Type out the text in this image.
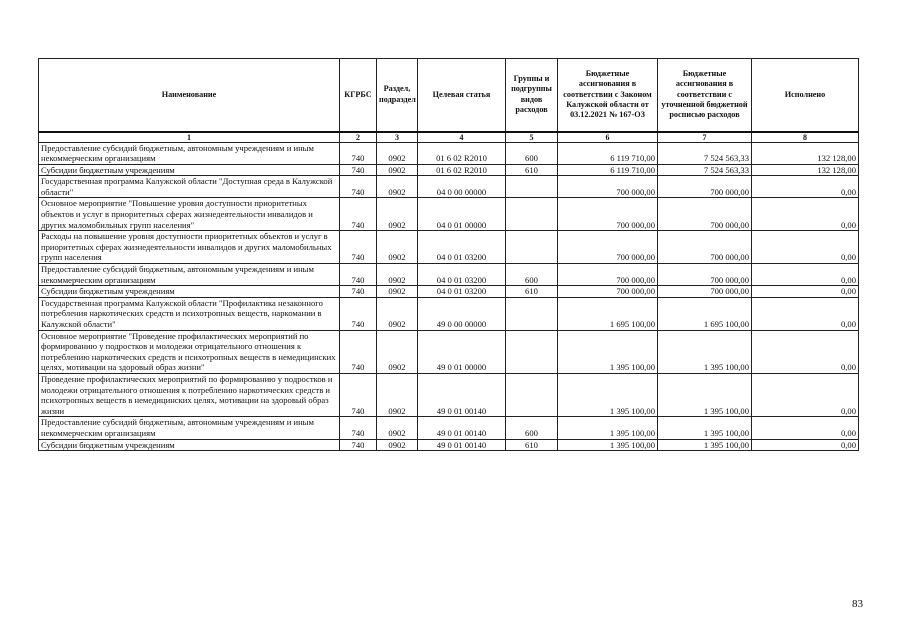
Наименование	КГРБС	Раздел, подраздел	Целевая статья	Группы и подгруппы видов расходов	Бюджетные ассигнования в соответствии с Законом Калужской области от 03.12.2021 № 167-ОЗ	Бюджетные ассигнования в соответствии с уточненной бюджетной росписью расходов	Исполнено
1	2	3	4	5	6	7	8
Предоставление субсидий бюджетным, автономным учреждениям и иным некоммерческим организациям	740	0902	01 6 02 R2010	600	6 119 710,00	7 524 563,33	132 128,00
Субсидии бюджетным учреждениям	740	0902	01 6 02 R2010	610	6 119 710,00	7 524 563,33	132 128,00
Государственная программа Калужской области "Доступная среда в Калужской области"	740	0902	04 0 00 00000		700 000,00	700 000,00	0,00
Основное мероприятие "Повышение уровня доступности приоритетных объектов и услуг в приоритетных сферах жизнедеятельности инвалидов и других маломобильных групп населения"	740	0902	04 0 01 00000		700 000,00	700 000,00	0,00
Расходы на повышение уровня доступности приоритетных объектов и услуг в приоритетных сферах жизнедеятельности инвалидов и других маломобильных групп населения	740	0902	04 0 01 03200		700 000,00	700 000,00	0,00
Предоставление субсидий бюджетным, автономным учреждениям и иным некоммерческим организациям	740	0902	04 0 01 03200	600	700 000,00	700 000,00	0,00
Субсидии бюджетным учреждениям	740	0902	04 0 01 03200	610	700 000,00	700 000,00	0,00
Государственная программа Калужской области "Профилактика незаконного потребления наркотических средств и психотропных веществ, наркомании в Калужской области"	740	0902	49 0 00 00000		1 695 100,00	1 695 100,00	0,00
Основное мероприятие "Проведение профилактических мероприятий по формированию у подростков и молодежи отрицательного отношения к потреблению наркотических средств и психотропных веществ в немедицинских целях, мотивации на здоровый образ жизни"	740	0902	49 0 01 00000		1 395 100,00	1 395 100,00	0,00
Проведение профилактических мероприятий по формированию у подростков и молодежи отрицательного отношения к потреблению наркотических средств и психотропных веществ в немедицинских целях, мотивации на здоровый образ жизни	740	0902	49 0 01 00140		1 395 100,00	1 395 100,00	0,00
Предоставление субсидий бюджетным, автономным учреждениям и иным некоммерческим организациям	740	0902	49 0 01 00140	600	1 395 100,00	1 395 100,00	0,00
Субсидии бюджетным учреждениям	740	0902	49 0 01 00140	610	1 395 100,00	1 395 100,00	0,00
83
